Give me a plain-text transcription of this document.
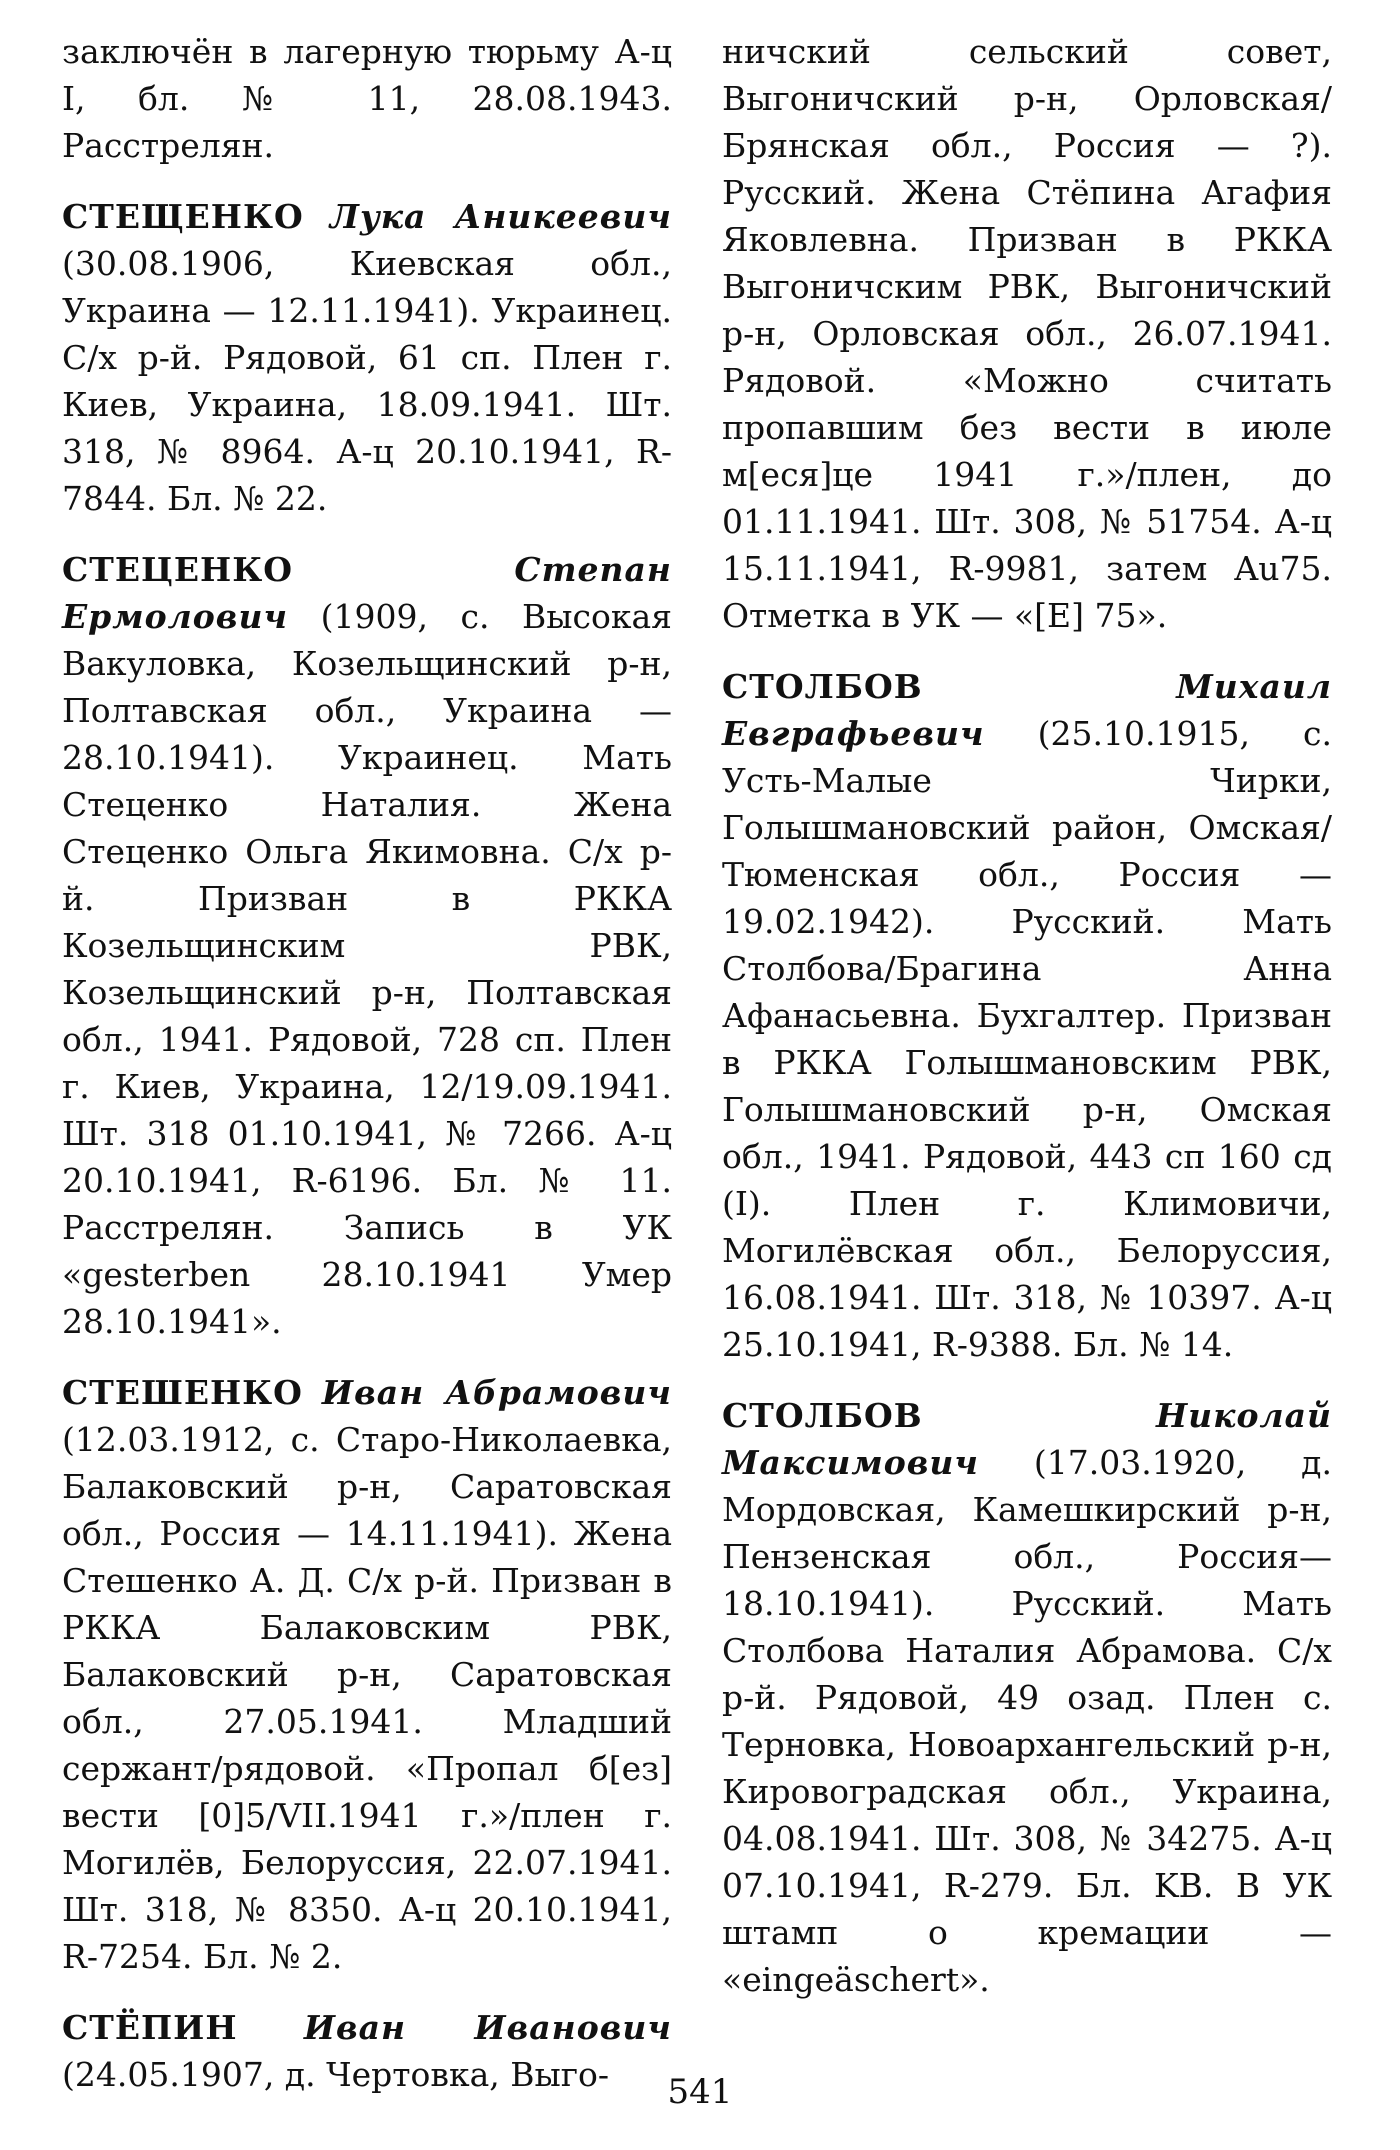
заключён в лагерную тюрьму А-ц I, бл. № 11, 28.08.1943. Расстрелян.

СТЕЩЕНКО Лука Аникеевич (30.08.1906, Киевская обл., Украина — 12.11.1941). Украинец. С/х р-й. Рядовой, 61 сп. Плен г. Киев, Украина, 18.09.1941. Шт. 318, № 8964. А-ц 20.10.1941, R-7844. Бл. № 22.

СТЕЦЕНКО	Степан Ермолович (1909, с. Высокая Вакуловка, Козельщинский р-н, Полтавская обл., Украина — 28.10.1941). Украинец. Мать Стеценко Наталия. Жена Стеценко Ольга Якимовна. С/х р-й. Призван в РККА Козельщинским РВК, Козельщинский р-н, Полтавская обл., 1941. Рядовой, 728 сп. Плен г. Киев, Украина, 12/19.09.1941. Шт. 318 01.10.1941, № 7266. А-ц 20.10.1941, R-6196. Бл. № 11. Расстрелян. Запись в УК «gesterben 28.10.1941 Умер 28.10.1941».

СТЕШЕНКО Иван Абрамович (12.03.1912, с. Старо-Николаевка, Балаковский р-н, Саратовская обл., Россия — 14.11.1941). Жена Стешенко А. Д. С/х р-й. Призван в РККА Балаковским РВК, Балаковский р-н, Саратовская обл., 27.05.1941. Младший сержант/рядовой. «Пропал б[ез] вести [0]5/VII.1941 г.»/плен г. Могилёв, Белоруссия, 22.07.1941. Шт. 318, № 8350. А-ц 20.10.1941, R-7254. Бл. № 2.

СТЁПИН Иван Иванович (24.05.1907, д. Чертовка, Выго-

ничский сельский совет, Выгоничский р-н, Орловская/Брянская обл., Россия — ?). Русский. Жена Стёпина Агафия Яковлевна. Призван в РККА Выгоничским РВК, Выгоничский р-н, Орловская обл., 26.07.1941. Рядовой. «Можно считать пропавшим без вести в июле м[еся]це 1941 г.»/плен, до 01.11.1941. Шт. 308, № 51754. А-ц 15.11.1941, R-9981, затем Au75. Отметка в УК — «[E] 75».

СТОЛБОВ	Михаил Евграфьевич (25.10.1915, с. Усть-Малые Чирки, Голышмановский район, Омская/Тюменская обл., Россия — 19.02.1942). Русский. Мать Столбова/Брагина Анна Афанасьевна. Бухгалтер. Призван в РККА Голышмановским РВК, Голышмановский р-н, Омская обл., 1941. Рядовой, 443 сп 160 сд (I). Плен г. Климовичи, Могилёвская обл., Белоруссия, 16.08.1941. Шт. 318, № 10397. А-ц 25.10.1941, R-9388. Бл. № 14.

СТОЛБОВ	Николай Максимович (17.03.1920, д. Мордовская, Камешкирский р-н, Пензенская обл., Россия— 18.10.1941). Русский. Мать Столбова Наталия Абрамова. С/х р-й. Рядовой, 49 озад. Плен с. Терновка, Новоархангельский р-н, Кировоградская обл., Украина, 04.08.1941. Шт. 308, № 34275. А-ц 07.10.1941, R-279. Бл. KB. В УК штамп о кремации — «eingeäschert».

541
